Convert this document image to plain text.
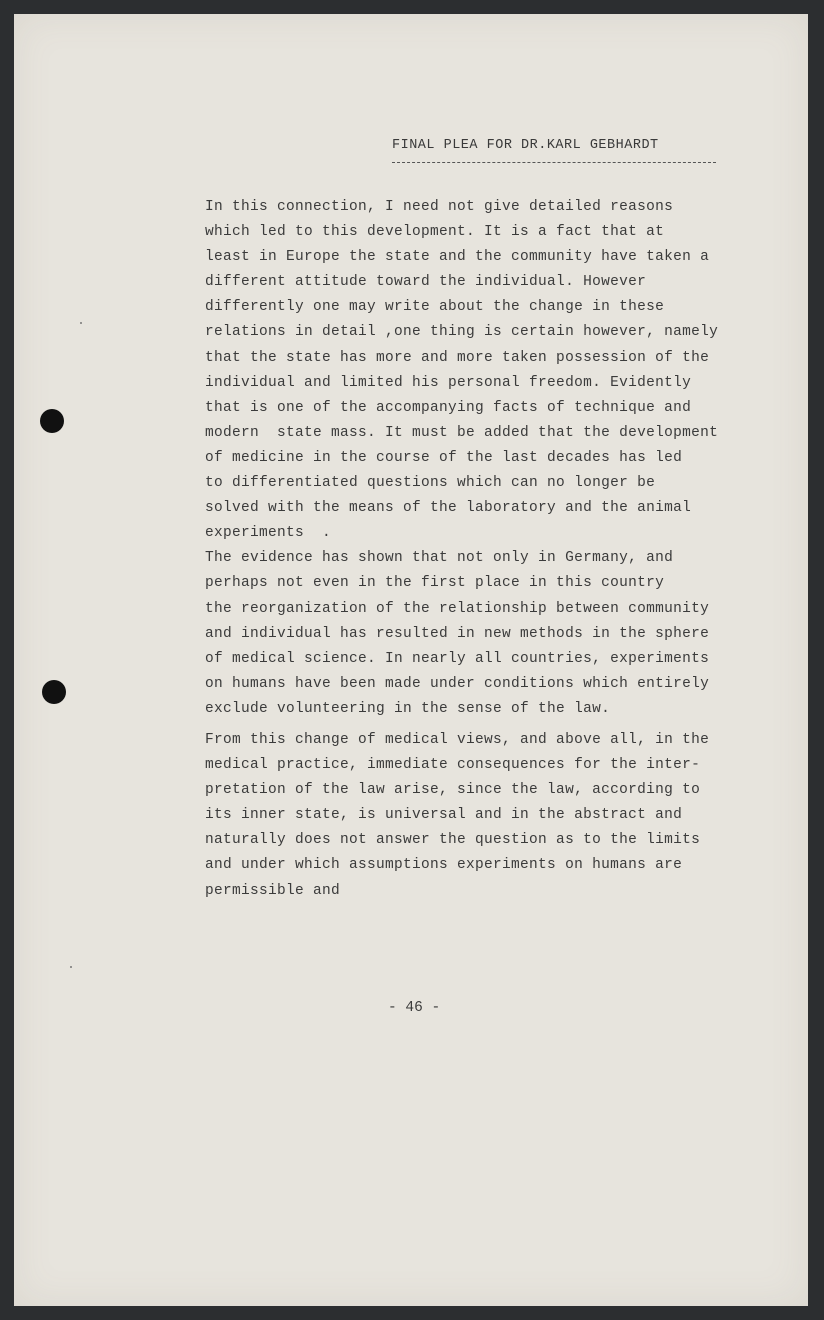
FINAL PLEA FOR DR.KARL GEBHARDT
In this connection, I need not give detailed reasons
which led to this development. It is a fact that at
least in Europe the state and the community have taken a
different attitude toward the individual. However
differently one may write about the change in these
relations in detail ,one thing is certain however, namely
that the state has more and more taken possession of the
individual and limited his personal freedom. Evidently
that is one of the accompanying facts of technique and
modern  state mass. It must be added that the development
of medicine in the course of the last decades has led
to differentiated questions which can no longer be
solved with the means of the laboratory and the animal
experiments  .
The evidence has shown that not only in Germany, and
perhaps not even in the first place in this country
the reorganization of the relationship between community
and individual has resulted in new methods in the sphere
of medical science. In nearly all countries, experiments
on humans have been made under conditions which entirely
exclude volunteering in the sense of the law.
From this change of medical views, and above all, in the
medical practice, immediate consequences for the inter-
pretation of the law arise, since the law, according to
its inner state, is universal and in the abstract and
naturally does not answer the question as to the limits
and under which assumptions experiments on humans are
permissible and
- 46 -
